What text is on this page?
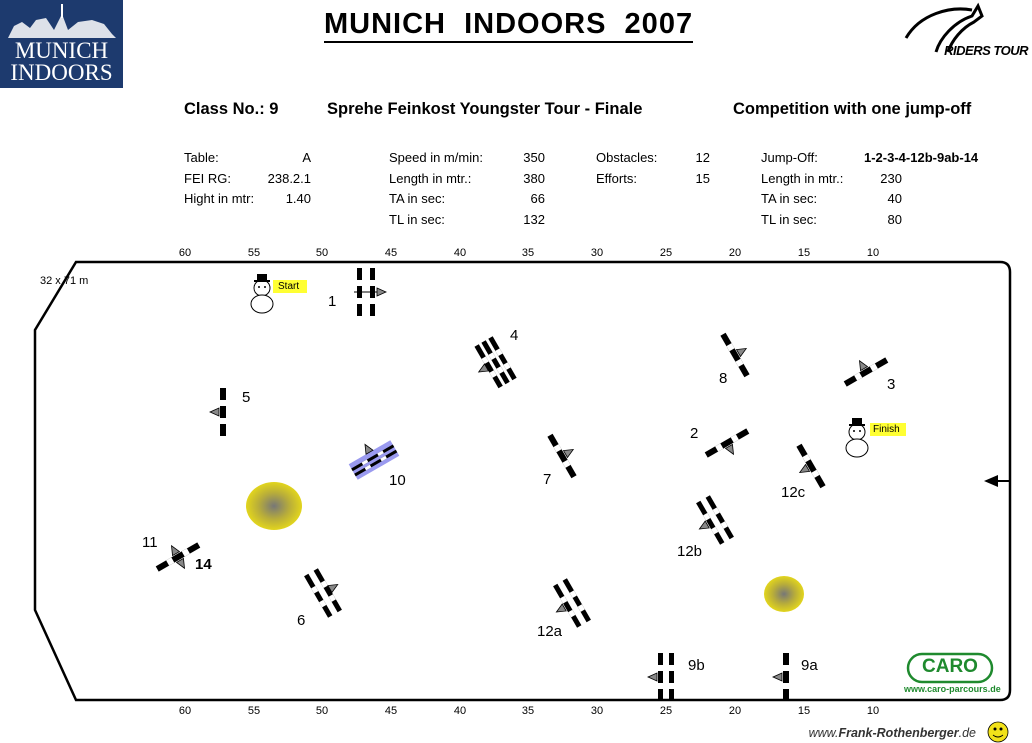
MUNICH
INDOORS
MUNICH  INDOORS  2007
RIDERS TOUR
Class No.: 9	Sprehe Feinkost Youngster Tour - Finale	Competition with one jump-off
Table:	A
FEI RG:	238.2.1
Hight in mtr:	1.40
Speed in m/min:	350
Length in mtr.:	380
TA in sec:	66
TL in sec:	132
Obstacles:	12
Efforts:	15
Jump-Off:	1-2-3-4-12b-9ab-14
Length in mtr.:	230
TA in sec:	40
TL in sec:	80
32 x 71 m
60	55	50	45	40	35	30	25	20	15	10
60	55	50	45	40	35	30	25	20	15	10
Start
Finish
1
2
3
4
5
6
7
8
9a
9b
10
11
14
12a
12b
12c
CARO
www.caro-parcours.de
www.Frank-Rothenberger.de
